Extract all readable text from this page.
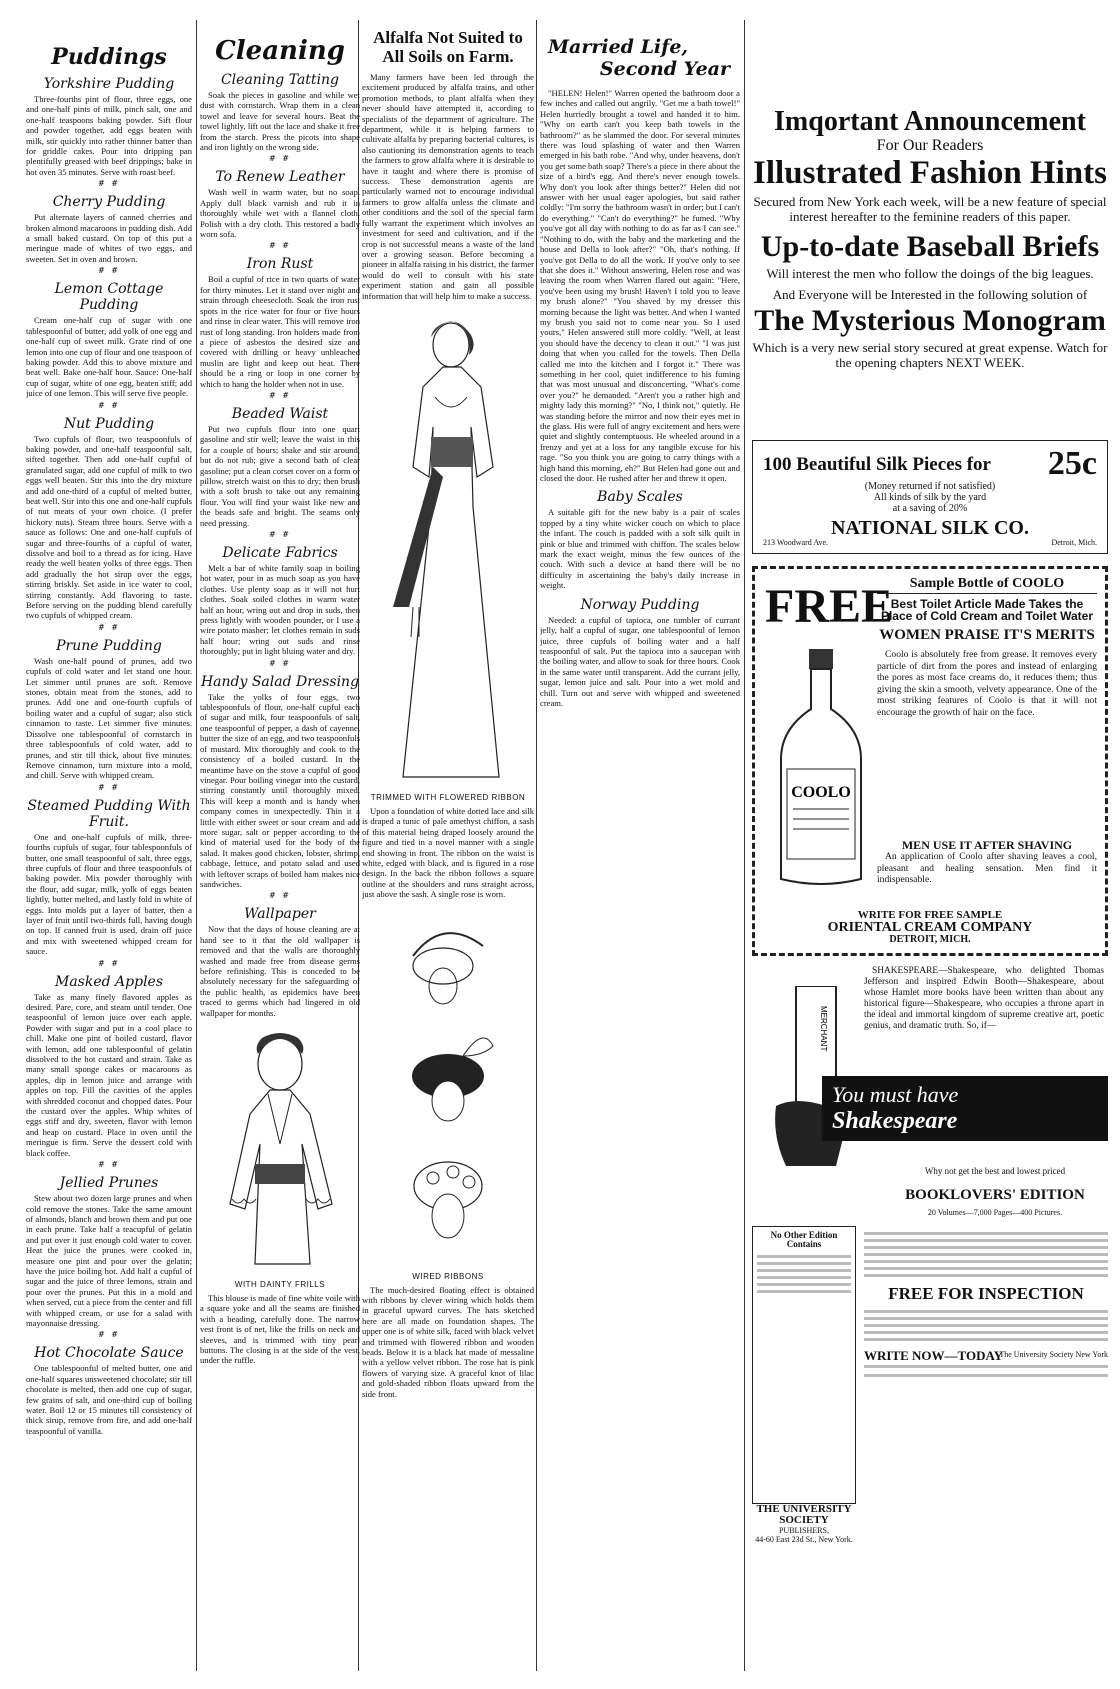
Puddings
Yorkshire Pudding

Three-fourths pint of flour, three eggs, one and one-half pints of milk, pinch salt, one and one-half teaspoons baking powder. Sift flour and powder together, add eggs beaten with milk, stir quickly into rather thinner batter than for griddle cakes. Pour into dripping pan plentifully greased with beef drippings; bake in hot oven 35 minutes. Serve with roast beef.

# #
Cherry Pudding

Put alternate layers of canned cherries and broken almond macaroons in pudding dish. Add a small baked custard. On top of this put a meringue made of whites of two eggs, and sweeten. Set in oven and brown.

# #
Lemon Cottage Pudding

Cream one-half cup of sugar with one tablespoonful of butter, add yolk of one egg and one-half cup of sweet milk. Grate rind of one lemon into one cup of flour and one teaspoon of baking powder. Add this to above mixture and beat well. Bake one-half hour. Sauce: One-half cup of sugar, white of one egg, beaten stiff; add juice of one lemon. This will serve five people.

# #
Nut Pudding

Two cupfuls of flour, two teaspoonfuls of baking powder, and one-half teaspoonful salt, sifted together. Then add one-half cupful of granulated sugar, add one cupful of milk to two eggs well beaten. Stir this into the dry mixture and add one-third of a cupful of melted butter, beat well. Stir into this one and one-half cupfuls of nut meats of your own choice. (I prefer hickory nuts). Steam three hours. Serve with a sauce as follows: One and one-half cupfuls of sugar and three-fourths of a cupful of water, dissolve and boil to a thread as for icing. Have ready the well beaten yolks of three eggs. Then add gradually the hot sirup over the eggs, stirring briskly. Set aside in ice water to cool, stirring constantly. Add flavoring to taste. Before serving on the pudding blend carefully two cupfuls of whipped cream.

# #
Prune Pudding

Wash one-half pound of prunes, add two cupfuls of cold water and let stand one hour. Let simmer until prunes are soft. Remove stones, obtain meat from the stones, add to prunes. Add one and one-fourth cupfuls of boiling water and a cupful of sugar; also stick cinnamon to taste. Let simmer five minutes. Dissolve one tablespoonful of cornstarch in three tablespoonfuls of cold water, add to prunes, and stir till thick, about five minutes. Remove cinnamon, turn mixture into a mold, and chill. Serve with whipped cream.

# #
Steamed Pudding With Fruit.

One and one-half cupfuls of milk, three-fourths cupfuls of sugar, four tablespoonfuls of butter, one small teaspoonful of salt, three eggs, three cupfuls of flour and three teaspoonfuls of baking powder. Mix powder thoroughly with the flour, add sugar, milk, yolk of eggs beaten lightly, butter melted, and lastly fold in white of eggs. Into molds put a layer of batter, then a layer of fruit until two-thirds full, having dough on top. If canned fruit is used, drain off juice and mix with sweetened whipped cream for sauce.

# #
Masked Apples

Take as many finely flavored apples as desired. Pare, core, and steam until tender. One teaspoonful of lemon juice over each apple. Powder with sugar and put in a cool place to chill. Make one pint of boiled custard, flavor with lemon, add one tablespoonful of gelatin dissolved to the hot custard and strain. Take as many small sponge cakes or macaroons as apples, dip in lemon juice and arrange with apples on top. Fill the cavities of the apples with shredded coconut and chopped dates. Pour the custard over the apples. Whip whites of eggs stiff and dry, sweeten, flavor with lemon and heap on custard. Place in oven until the meringue is firm. Serve the dessert cold with black coffee.

# #
Jellied Prunes

Stew about two dozen large prunes and when cold remove the stones. Take the same amount of almonds, blanch and brown them and put one in each prune. Take half a teacupful of gelatin and put over it just enough cold water to cover. Heat the juice the prunes were cooked in, measure one pint and pour over the gelatin; have the juice boiling hot. Add half a cupful of sugar and the juice of three lemons, strain and pour over the prunes. Put this in a mold and when served, cut a piece from the center and fill with whipped cream, or use for a salad with mayonnaise dressing.

# #
Hot Chocolate Sauce

One tablespoonful of melted butter, one and one-half squares unsweetened chocolate; stir till chocolate is melted, then add one cup of sugar, few grains of salt, and one-third cup of boiling water. Boil 12 or 15 minutes till consistency of thick sirup, remove from fire, and add one-half teaspoonful of vanilla.

Cleaning
Cleaning Tatting

Soak the pieces in gasoline and while wet dust with cornstarch. Wrap them in a clean towel and leave for several hours. Beat the towel lightly, lift out the lace and shake it free from the starch. Press the picots into shape and iron lightly on the wrong side.

# #
To Renew Leather

Wash well in warm water, but no soap. Apply dull black varnish and rub it in thoroughly while wet with a flannel cloth. Polish with a dry cloth. This restored a badly worn sofa.

# #
Iron Rust

Boil a cupful of rice in two quarts of water for thirty minutes. Let it stand over night and strain through cheesecloth. Soak the iron rust spots in the rice water for four or five hours and rinse in clear water. This will remove iron rust of long standing. Iron holders made from a piece of asbestos the desired size and covered with drilling or heavy unbleached muslin are light and keep out heat. There should be a ring or loop in one corner by which to hang the holder when not in use.

# #
Beaded Waist

Put two cupfuls flour into one quart gasoline and stir well; leave the waist in this for a couple of hours; shake and stir around, but do not rub; give a second bath of clear gasoline; put a clean corset cover on a form or pillow, stretch waist on this to dry; then brush with a soft brush to take out any remaining flour. You will find your waist like new and the beads safe and bright. The seams only need pressing.

# #
Delicate Fabrics

Melt a bar of white family soap in boiling hot water, pour in as much soap as you have clothes. Use plenty soap as it will not hurt clothes. Soak soiled clothes in warm water half an hour, wring out and drop in suds, then press lightly with wooden pounder, or I use a wire potato masher; let clothes remain in suds half hour; wring out suds and rinse thoroughly; put in light bluing water and dry.

# #
Handy Salad Dressing

Take the yolks of four eggs, two tablespoonfuls of flour, one-half cupful each of sugar and milk, four teaspoonfuls of salt, one teaspoonful of pepper, a dash of cayenne, butter the size of an egg, and two teaspoonfuls of mustard. Mix thoroughly and cook to the consistency of a boiled custard. In the meantime have on the stove a cupful of good vinegar. Pour boiling vinegar into the custard, stirring constantly until thoroughly mixed. This will keep a month and is handy when company comes in unexpectedly. Thin it a little with either sweet or sour cream and add more sugar, salt or pepper according to the kind of material used for the body of the salad. It makes good chicken, lobster, shrimp, cabbage, lettuce, and potato salad and used with leftover scraps of boiled ham makes nice sandwiches.

# #
Wallpaper

Now that the days of house cleaning are at hand see to it that the old wallpaper is removed and that the walls are thoroughly washed and made free from disease germs before refinishing. This is conceded to be absolutely necessary for the safeguarding of the public health, as epidemics have been traced to germs which had lingered in old wallpaper for months.

WITH DAINTY FRILLS

This blouse is made of fine white voile with a square yoke and all the seams are finished with a beading, carefully done. The narrow vest front is of net, like the frills on neck and sleeves, and is trimmed with tiny pearl buttons. The closing is at the side of the vest, under the ruffle.

Alfalfa Not Suited to All Soils on Farm.

Many farmers have been led through the excitement produced by alfalfa trains, and other promotion methods, to plant alfalfa when they never should have attempted it, according to specialists of the department of agriculture. The department, while it is helping farmers to cultivate alfalfa by preparing bacterial cultures, is also cautioning its demonstration agents to teach the farmers to grow alfalfa where it is desirable to have it taught and where there is promise of success. These demonstration agents are particularly warned not to encourage individual farmers to grow alfalfa unless the climate and other conditions and the soil of the special farm fully warrant the experiment which involves an investment for seed and cultivation, and if the crop is not successful means a waste of the land over a growing season. Before becoming a pioneer in alfalfa raising in his district, the farmer would do well to consult with his state experiment station and gain all possible information that will help him to make a success.

TRIMMED WITH FLOWERED RIBBON

Upon a foundation of white dotted lace and silk is draped a tunic of pale amethyst chiffon, a sash of this material being draped loosely around the figure and tied in a novel manner with a single end showing in front. The ribbon on the waist is white, edged with black, and is figured in a rose design. In the back the ribbon follows a square outline at the shoulders and runs straight across, just above the sash. A single rose is worn.

WIRED RIBBONS

The much-desired floating effect is obtained with ribbons by clever wiring which holds them in graceful upward curves. The hats sketched here are all made on foundation shapes. The upper one is of white silk, faced with black velvet and trimmed with flowered ribbon and wooden beads. Below it is a black hat made of messaline with a yellow velvet ribbon. The rose hat is pink flowers of varying size. A graceful knot of lilac and gold-shaded ribbon floats upward from the side front.

Married Life,
Second Year

"HELEN! Helen!" Warren opened the bathroom door a few inches and called out angrily. "Get me a bath towel!" Helen hurriedly brought a towel and handed it to him. "Why on earth can't you keep bath towels in the bathroom?" as he slammed the door. For several minutes there was loud splashing of water and then Warren emerged in his bath robe. "And why, under heavens, don't you get some bath soap? There's a piece in there about the size of a bird's egg. And there's never enough towels. Why don't you look after things better?" Helen did not answer with her usual eager apologies, but said rather coldly: "I'm sorry the bathroom wasn't in order; but I can't do everything." "Can't do everything?" he fumed. "Why you've got all day with nothing to do as far as I can see." "Nothing to do, with the baby and the marketing and the house and Della to look after?" "Oh, that's nothing. If you've got Della to do all the work. If you've only to see that she does it." Without answering, Helen rose and was leaving the room when Warren flared out again: "Here, you've been using my brush! Haven't I told you to leave my brush alone?" "You shaved by my dresser this morning because the light was better. And when I wanted my brush you said not to come near you. So I used yours," Helen answered still more coldly. "Well, at least you should have the decency to clean it out." "I was just doing that when you called for the towels. Then Della called me into the kitchen and I forgot it." There was something in her cool, quiet indifference to his fuming that was most unusual and disconcerting. "What's come over you?" he demanded. "Aren't you a rather high and mighty lady this morning?" "No, I think not," quietly. He was standing before the mirror and now their eyes met in the glass. His were full of angry excitement and hers were quiet and slightly contemptuous. He wheeled around in a frenzy and yet at a loss for any tangible excuse for his rage. "So you think you are going to carry things with a high hand this morning, eh?" But Helen had gone out and closed the door. He rushed after her and threw it open.

Baby Scales

A suitable gift for the new baby is a pair of scales topped by a tiny white wicker couch on which to place the infant. The couch is padded with a soft silk quilt in pink or blue and trimmed with chiffon. The scales below mark the exact weight, minus the few ounces of the couch. With such a device at hand there will be no difficulty in ascertaining the baby's daily increase in weight.

Norway Pudding

Needed: a cupful of tapioca, one tumbler of currant jelly, half a cupful of sugar, one tablespoonful of lemon juice, three cupfuls of boiling water and a half teaspoonful of salt. Put the tapioca into a saucepan with the boiling water, and allow to soak for three hours. Cook in the same water until transparent. Add the currant jelly, sugar, lemon juice and salt. Pour into a wet mold and chill. Turn out and serve with whipped and sweetened cream.

Imqortant Announcement
For Our Readers
Illustrated Fashion Hints
Secured from New York each week, will be a new feature of special interest hereafter to the feminine readers of this paper.
Up-to-date Baseball Briefs
Will interest the men who follow the doings of the big leagues.
And Everyone will be Interested in the following solution of
The Mysterious Monogram
Which is a very new serial story secured at great expense. Watch for the opening chapters NEXT WEEK.
100 Beautiful Silk Pieces for 25c
(Money returned if not satisfied)
All kinds of silk by the yard
at a saving of 20%
NATIONAL SILK CO.
213 Woodward Ave.	Detroit, Mich.
FREE
COOLO
Sample Bottle of COOLO
Best Toilet Article Made Takes the Place of Cold Cream and Toilet Water
WOMEN PRAISE IT'S MERITS

Coolo is absolutely free from grease. It removes every particle of dirt from the pores and instead of enlarging the pores as most face creams do, it reduces them; thus giving the skin a smooth, velvety appearance. One of the most striking features of Coolo is that it will not encourage the growth of hair on the face.

MEN USE IT AFTER SHAVING

An application of Coolo after shaving leaves a cool, pleasant and healing sensation. Men find it indispensable.

WRITE FOR FREE SAMPLE
ORIENTAL CREAM COMPANY
DETROIT, MICH.
MERCHANT

SHAKESPEARE—Shakespeare, who delighted Thomas Jefferson and inspired Edwin Booth—Shakespeare, about whose Hamlet more books have been written than about any historical figure—Shakespeare, who occupies a throne apart in the ideal and immortal kingdom of supreme creative art, poetic genius, and dramatic truth. So, if—

You must have
Shakespeare
Why not get the best and lowest priced
BOOKLOVERS' EDITION
20 Volumes—7,000 Pages—400 Pictures.
No Other Edition Contains
FREE FOR INSPECTION
WRITE NOW—TODAY
The University Society New York
THE UNIVERSITY SOCIETY
PUBLISHERS,
44-60 East 23d St., New York.
